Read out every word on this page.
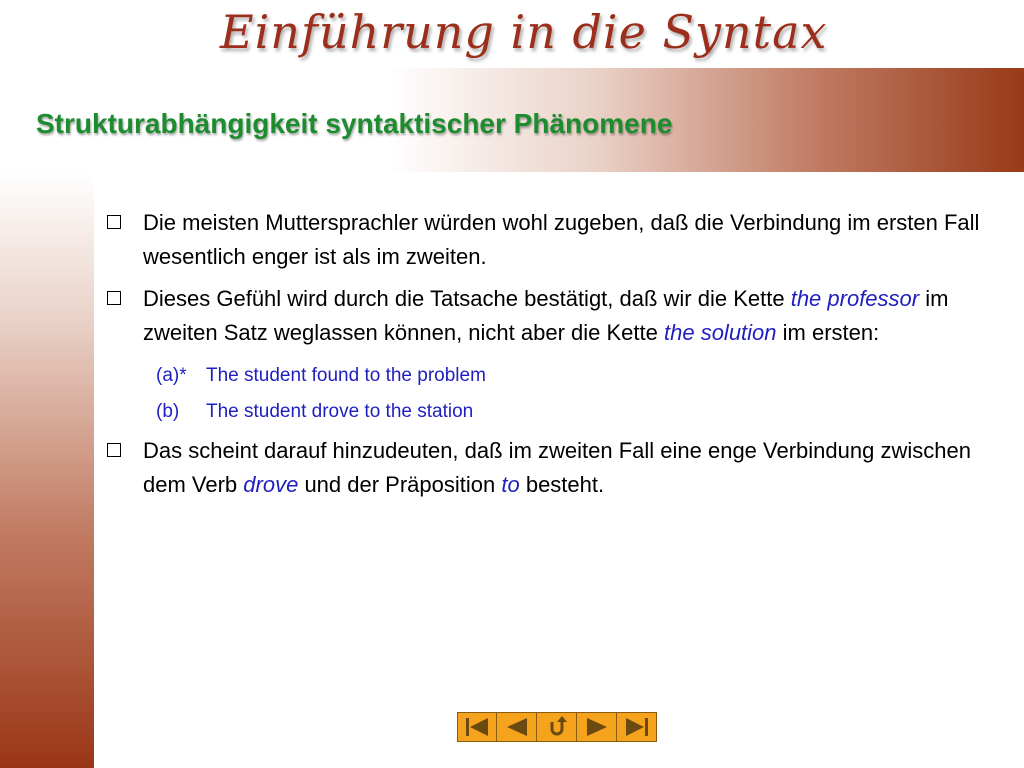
Einführung in die Syntax
Strukturabhängigkeit syntaktischer Phänomene
Die meisten Muttersprachler würden wohl zugeben, daß die Verbindung im ersten Fall wesentlich enger ist als im zweiten.
Dieses Gefühl wird durch die Tatsache bestätigt, daß wir die Kette the professor im zweiten Satz weglassen können, nicht aber die Kette the solution im ersten:
(a)* The student found to the problem
(b) The student drove to the station
Das scheint darauf hinzudeuten, daß im zweiten Fall eine enge Verbindung zwischen dem Verb drove und der Präposition to besteht.
